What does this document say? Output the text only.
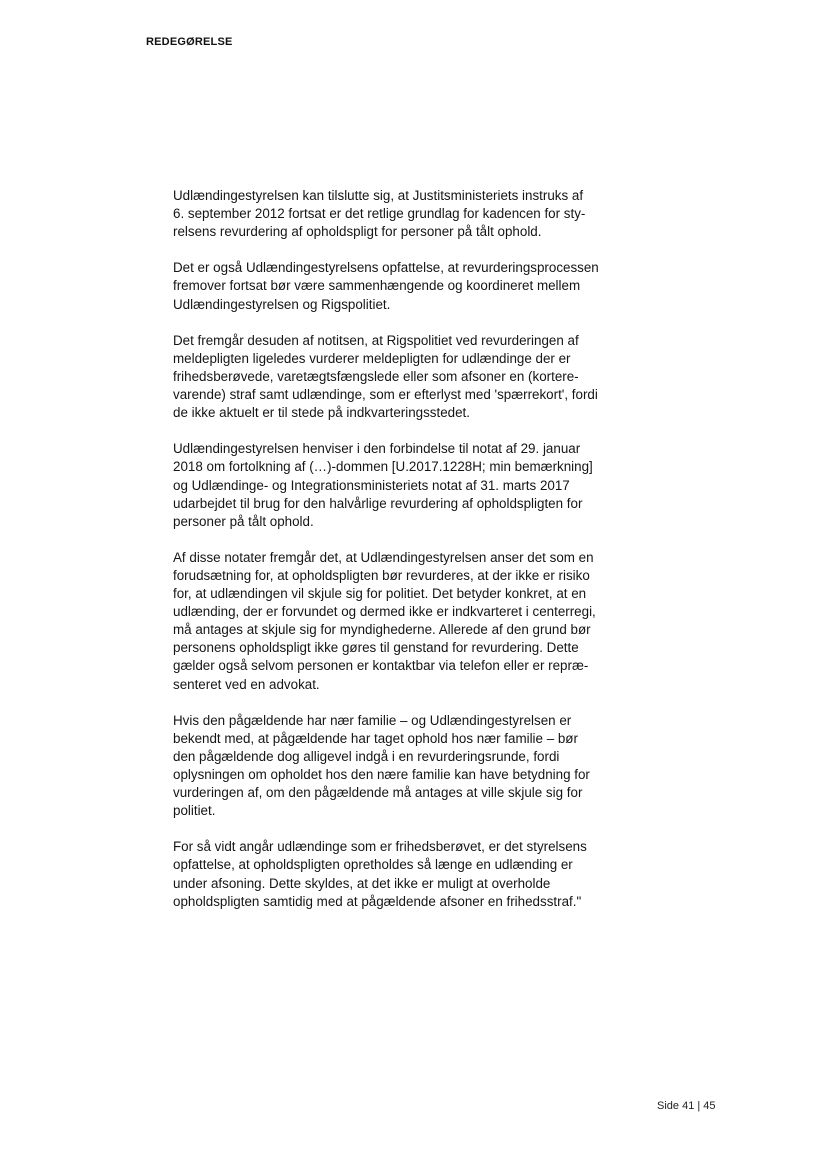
REDEGØRELSE
Udlændingestyrelsen kan tilslutte sig, at Justitsministeriets instruks af
6. september 2012 fortsat er det retlige grundlag for kadencen for sty-
relsens revurdering af opholdspligt for personer på tålt ophold.
Det er også Udlændingestyrelsens opfattelse, at revurderingsprocessen
fremover fortsat bør være sammenhængende og koordineret mellem
Udlændingestyrelsen og Rigspolitiet.
Det fremgår desuden af notitsen, at Rigspolitiet ved revurderingen af
meldepligten ligeledes vurderer meldepligten for udlændinge der er
frihedsberøvede, varetægtsfængslede eller som afsoner en (kortere-
varende) straf samt udlændinge, som er efterlyst med 'spærrekort', fordi
de ikke aktuelt er til stede på indkvarteringsstedet.
Udlændingestyrelsen henviser i den forbindelse til notat af 29. januar
2018 om fortolkning af (…)-dommen [U.2017.1228H; min bemærkning]
og Udlændinge- og Integrationsministeriets notat af 31. marts 2017
udarbejdet til brug for den halvårlige revurdering af opholdspligten for
personer på tålt ophold.
Af disse notater fremgår det, at Udlændingestyrelsen anser det som en
forudsætning for, at opholdspligten bør revurderes, at der ikke er risiko
for, at udlændingen vil skjule sig for politiet. Det betyder konkret, at en
udlænding, der er forvundet og dermed ikke er indkvarteret i centerregi,
må antages at skjule sig for myndighederne. Allerede af den grund bør
personens opholdspligt ikke gøres til genstand for revurdering. Dette
gælder også selvom personen er kontaktbar via telefon eller er repræ-
senteret ved en advokat.
Hvis den pågældende har nær familie – og Udlændingestyrelsen er
bekendt med, at pågældende har taget ophold hos nær familie – bør
den pågældende dog alligevel indgå i en revurderingsrunde, fordi
oplysningen om opholdet hos den nære familie kan have betydning for
vurderingen af, om den pågældende må antages at ville skjule sig for
politiet.
For så vidt angår udlændinge som er frihedsberøvet, er det styrelsens
opfattelse, at opholdspligten opretholdes så længe en udlænding er
under afsoning. Dette skyldes, at det ikke er muligt at overholde
opholdspligten samtidig med at pågældende afsoner en frihedsstraf."
Side 41 | 45
